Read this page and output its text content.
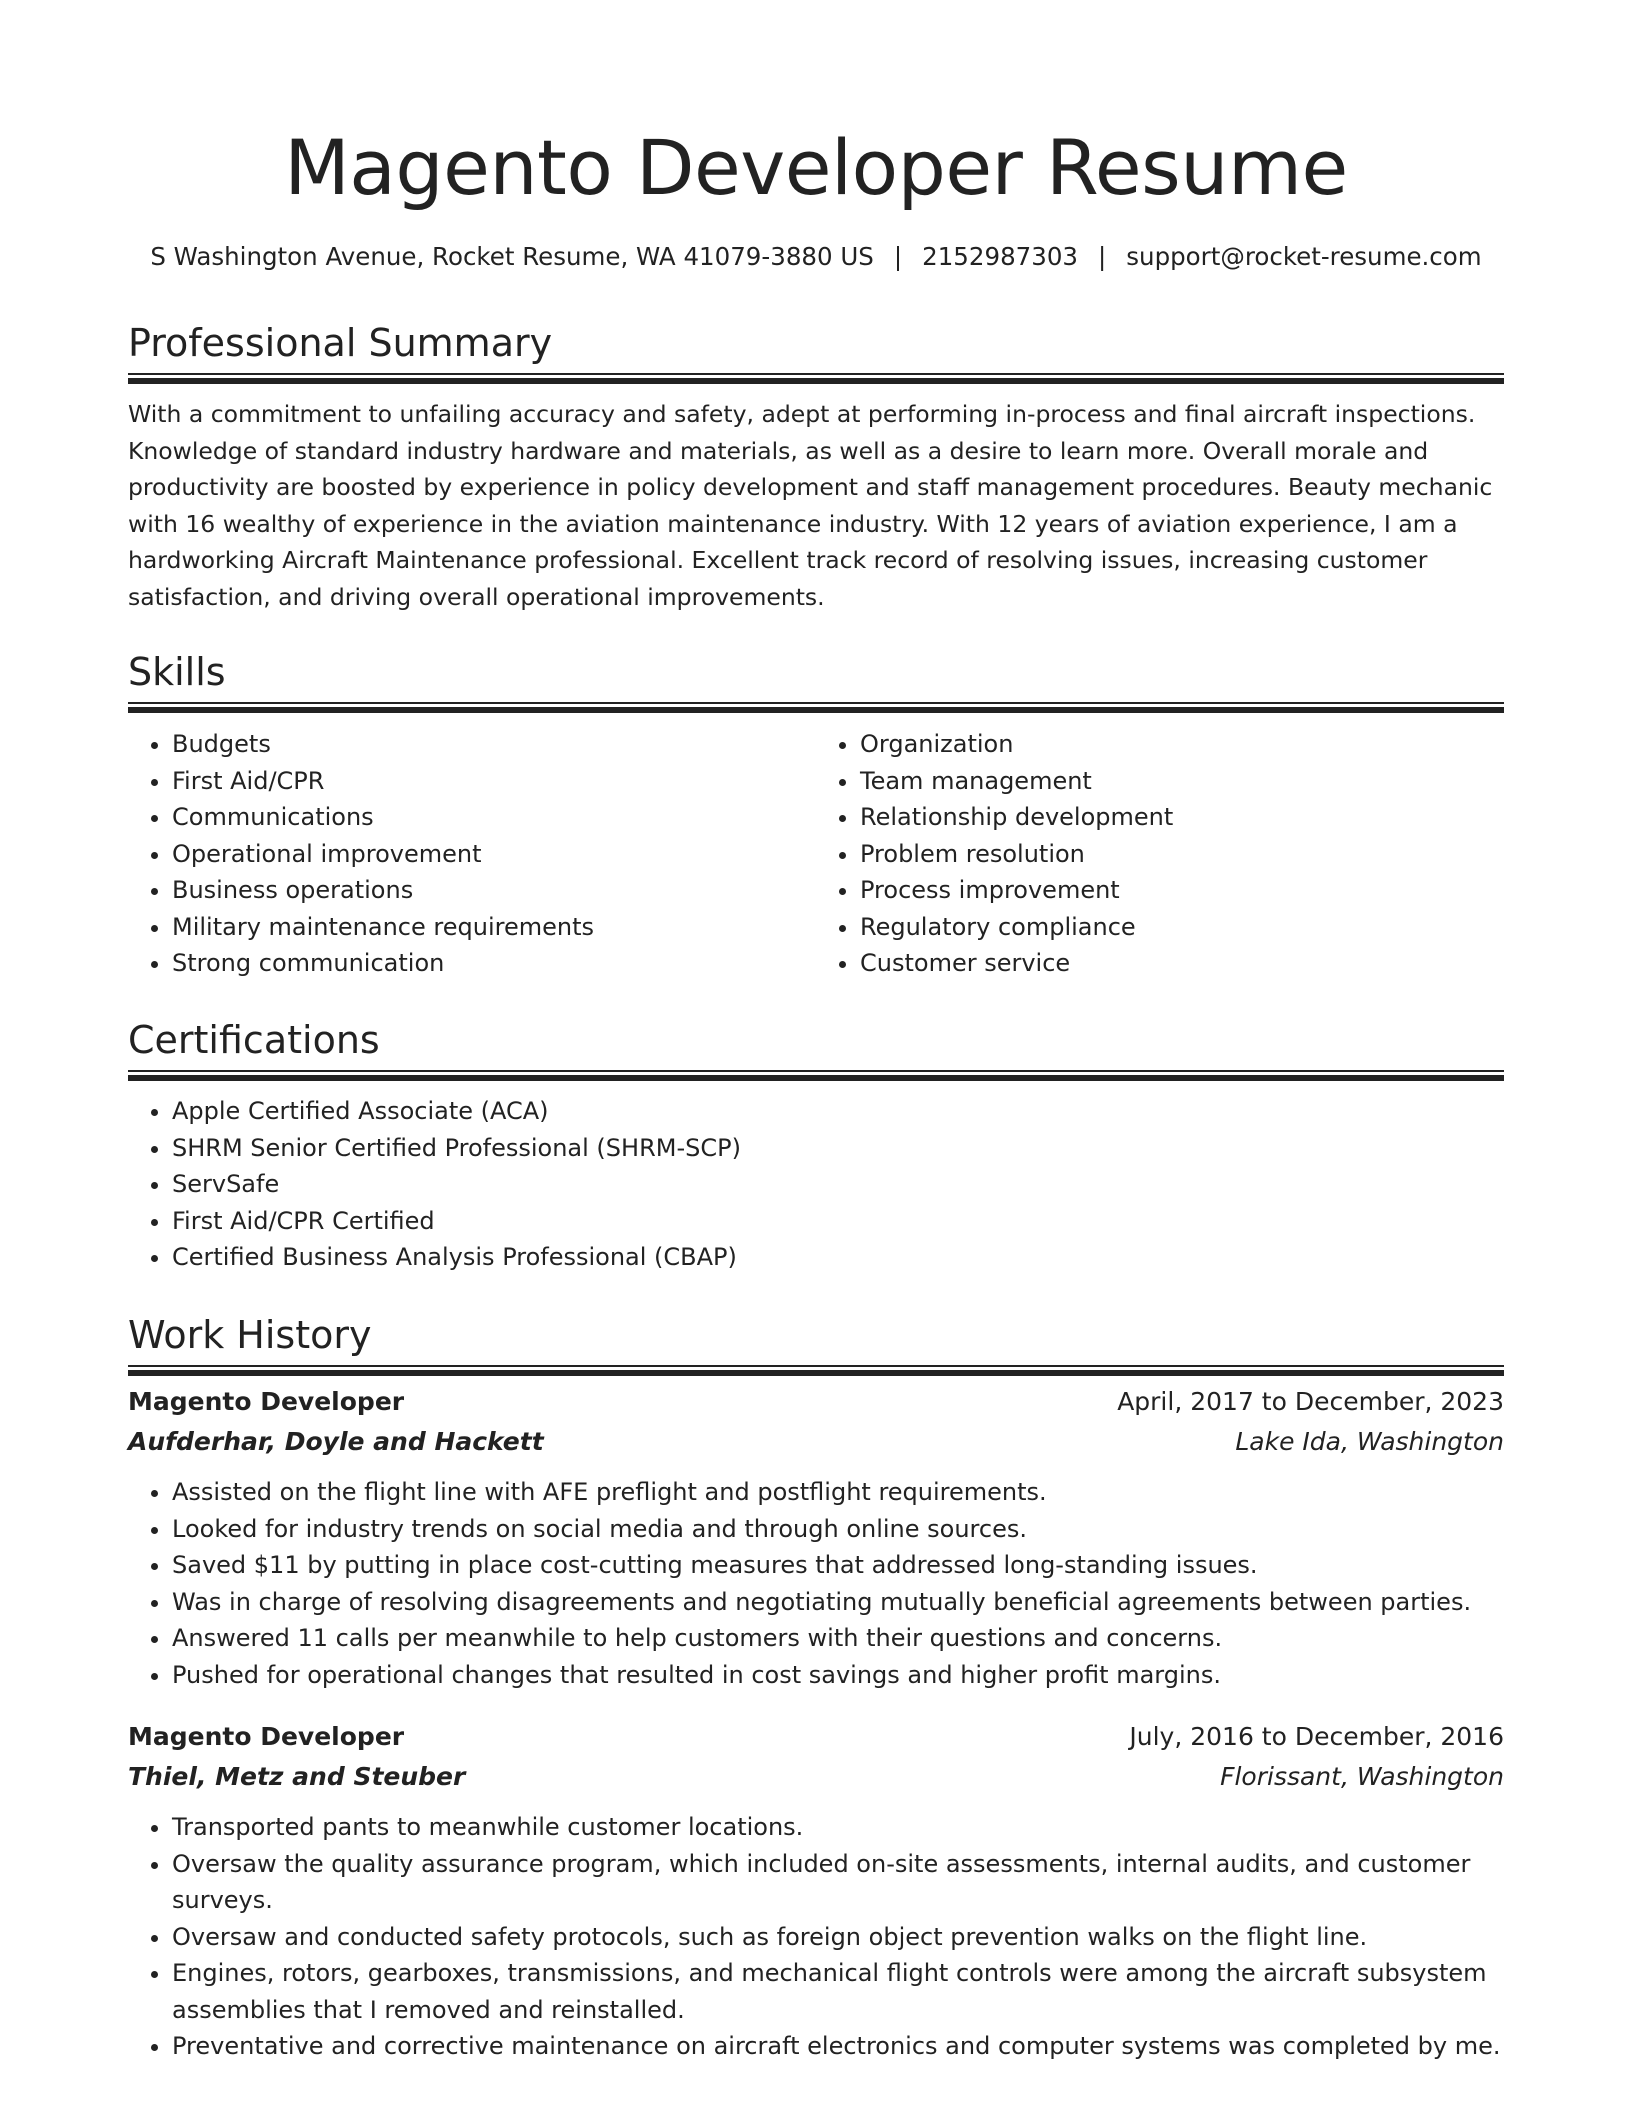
Magento Developer Resume
S Washington Avenue, Rocket Resume, WA 41079-3880 US | 2152987303 | support@rocket-resume.com
Professional Summary

With a commitment to unfailing accuracy and safety, adept at performing in-process and final aircraft inspections. Knowledge of standard industry hardware and materials, as well as a desire to learn more. Overall morale and productivity are boosted by experience in policy development and staff management procedures. Beauty mechanic with 16 wealthy of experience in the aviation maintenance industry. With 12 years of aviation experience, I am a hardworking Aircraft Maintenance professional. Excellent track record of resolving issues, increasing customer satisfaction, and driving overall operational improvements.

Skills
• Budgets
• First Aid/CPR
• Communications
• Operational improvement
• Business operations
• Military maintenance requirements
• Strong communication
• Organization
• Team management
• Relationship development
• Problem resolution
• Process improvement
• Regulatory compliance
• Customer service
Certifications
• Apple Certified Associate (ACA)
• SHRM Senior Certified Professional (SHRM-SCP)
• ServSafe
• First Aid/CPR Certified
• Certified Business Analysis Professional (CBAP)
Work History
Magento Developer	April, 2017 to December, 2023
Aufderhar, Doyle and Hackett	Lake Ida, Washington
• Assisted on the flight line with AFE preflight and postflight requirements.
• Looked for industry trends on social media and through online sources.
• Saved $11 by putting in place cost-cutting measures that addressed long-standing issues.
• Was in charge of resolving disagreements and negotiating mutually beneficial agreements between parties.
• Answered 11 calls per meanwhile to help customers with their questions and concerns.
• Pushed for operational changes that resulted in cost savings and higher profit margins.
Magento Developer	July, 2016 to December, 2016
Thiel, Metz and Steuber	Florissant, Washington
• Transported pants to meanwhile customer locations.
• Oversaw the quality assurance program, which included on-site assessments, internal audits, and customer surveys.
• Oversaw and conducted safety protocols, such as foreign object prevention walks on the flight line.
• Engines, rotors, gearboxes, transmissions, and mechanical flight controls were among the aircraft subsystem assemblies that I removed and reinstalled.
• Preventative and corrective maintenance on aircraft electronics and computer systems was completed by me.
